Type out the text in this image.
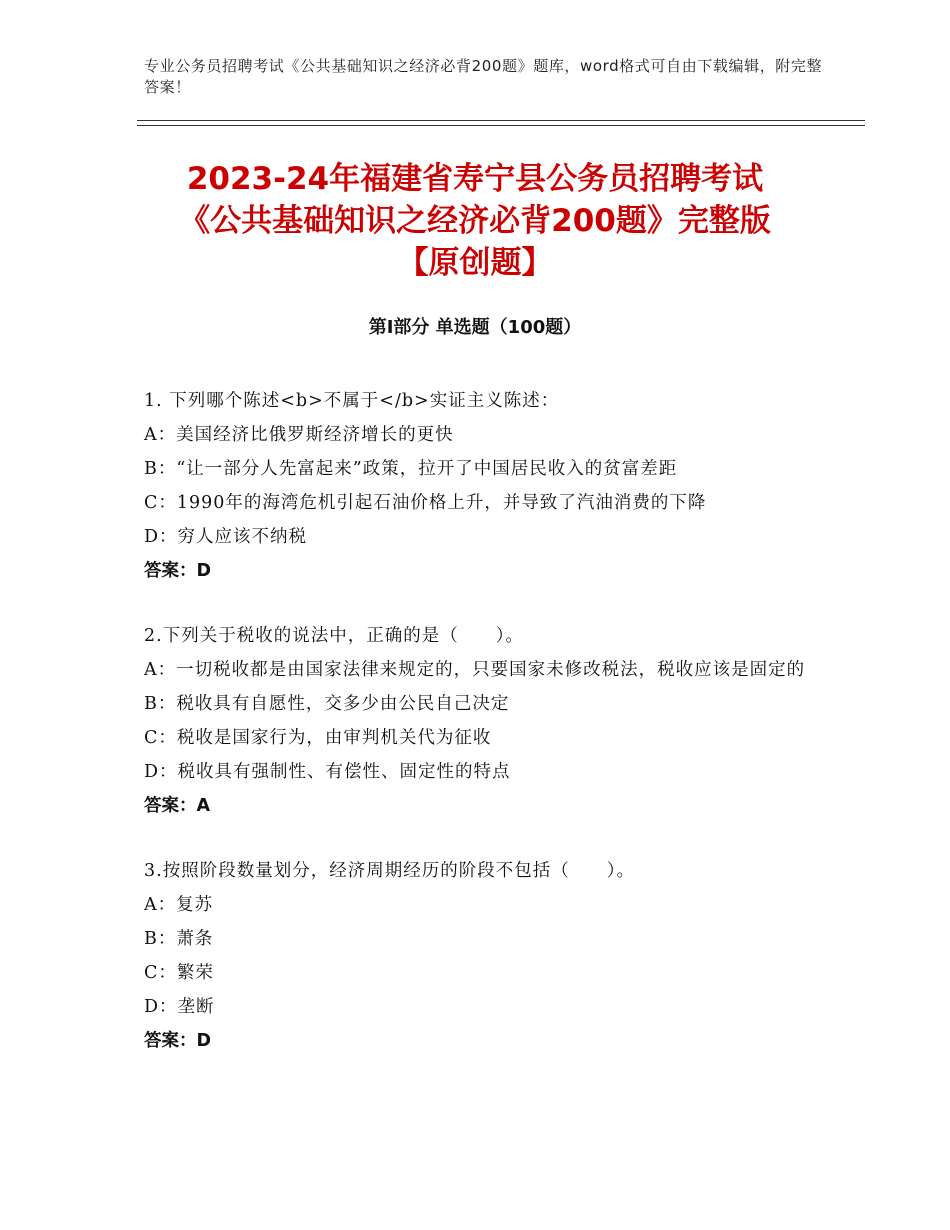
专业公务员招聘考试《公共基础知识之经济必背200题》题库，word格式可自由下载编辑，附完整答案！
2023-24年福建省寿宁县公务员招聘考试
《公共基础知识之经济必背200题》完整版
【原创题】
第I部分 单选题（100题）
1. 下列哪个陈述<b>不属于</b>实证主义陈述：
A：美国经济比俄罗斯经济增长的更快
B：“让一部分人先富起来”政策，拉开了中国居民收入的贫富差距
C：1990年的海湾危机引起石油价格上升，并导致了汽油消费的下降
D：穷人应该不纳税
答案：D
2.下列关于税收的说法中，正确的是（　　）。
A：一切税收都是由国家法律来规定的，只要国家未修改税法，税收应该是固定的
B：税收具有自愿性，交多少由公民自己决定
C：税收是国家行为，由审判机关代为征收
D：税收具有强制性、有偿性、固定性的特点
答案：A
3.按照阶段数量划分，经济周期经历的阶段不包括（　　）。
A：复苏
B：萧条
C：繁荣
D：垄断
答案：D
